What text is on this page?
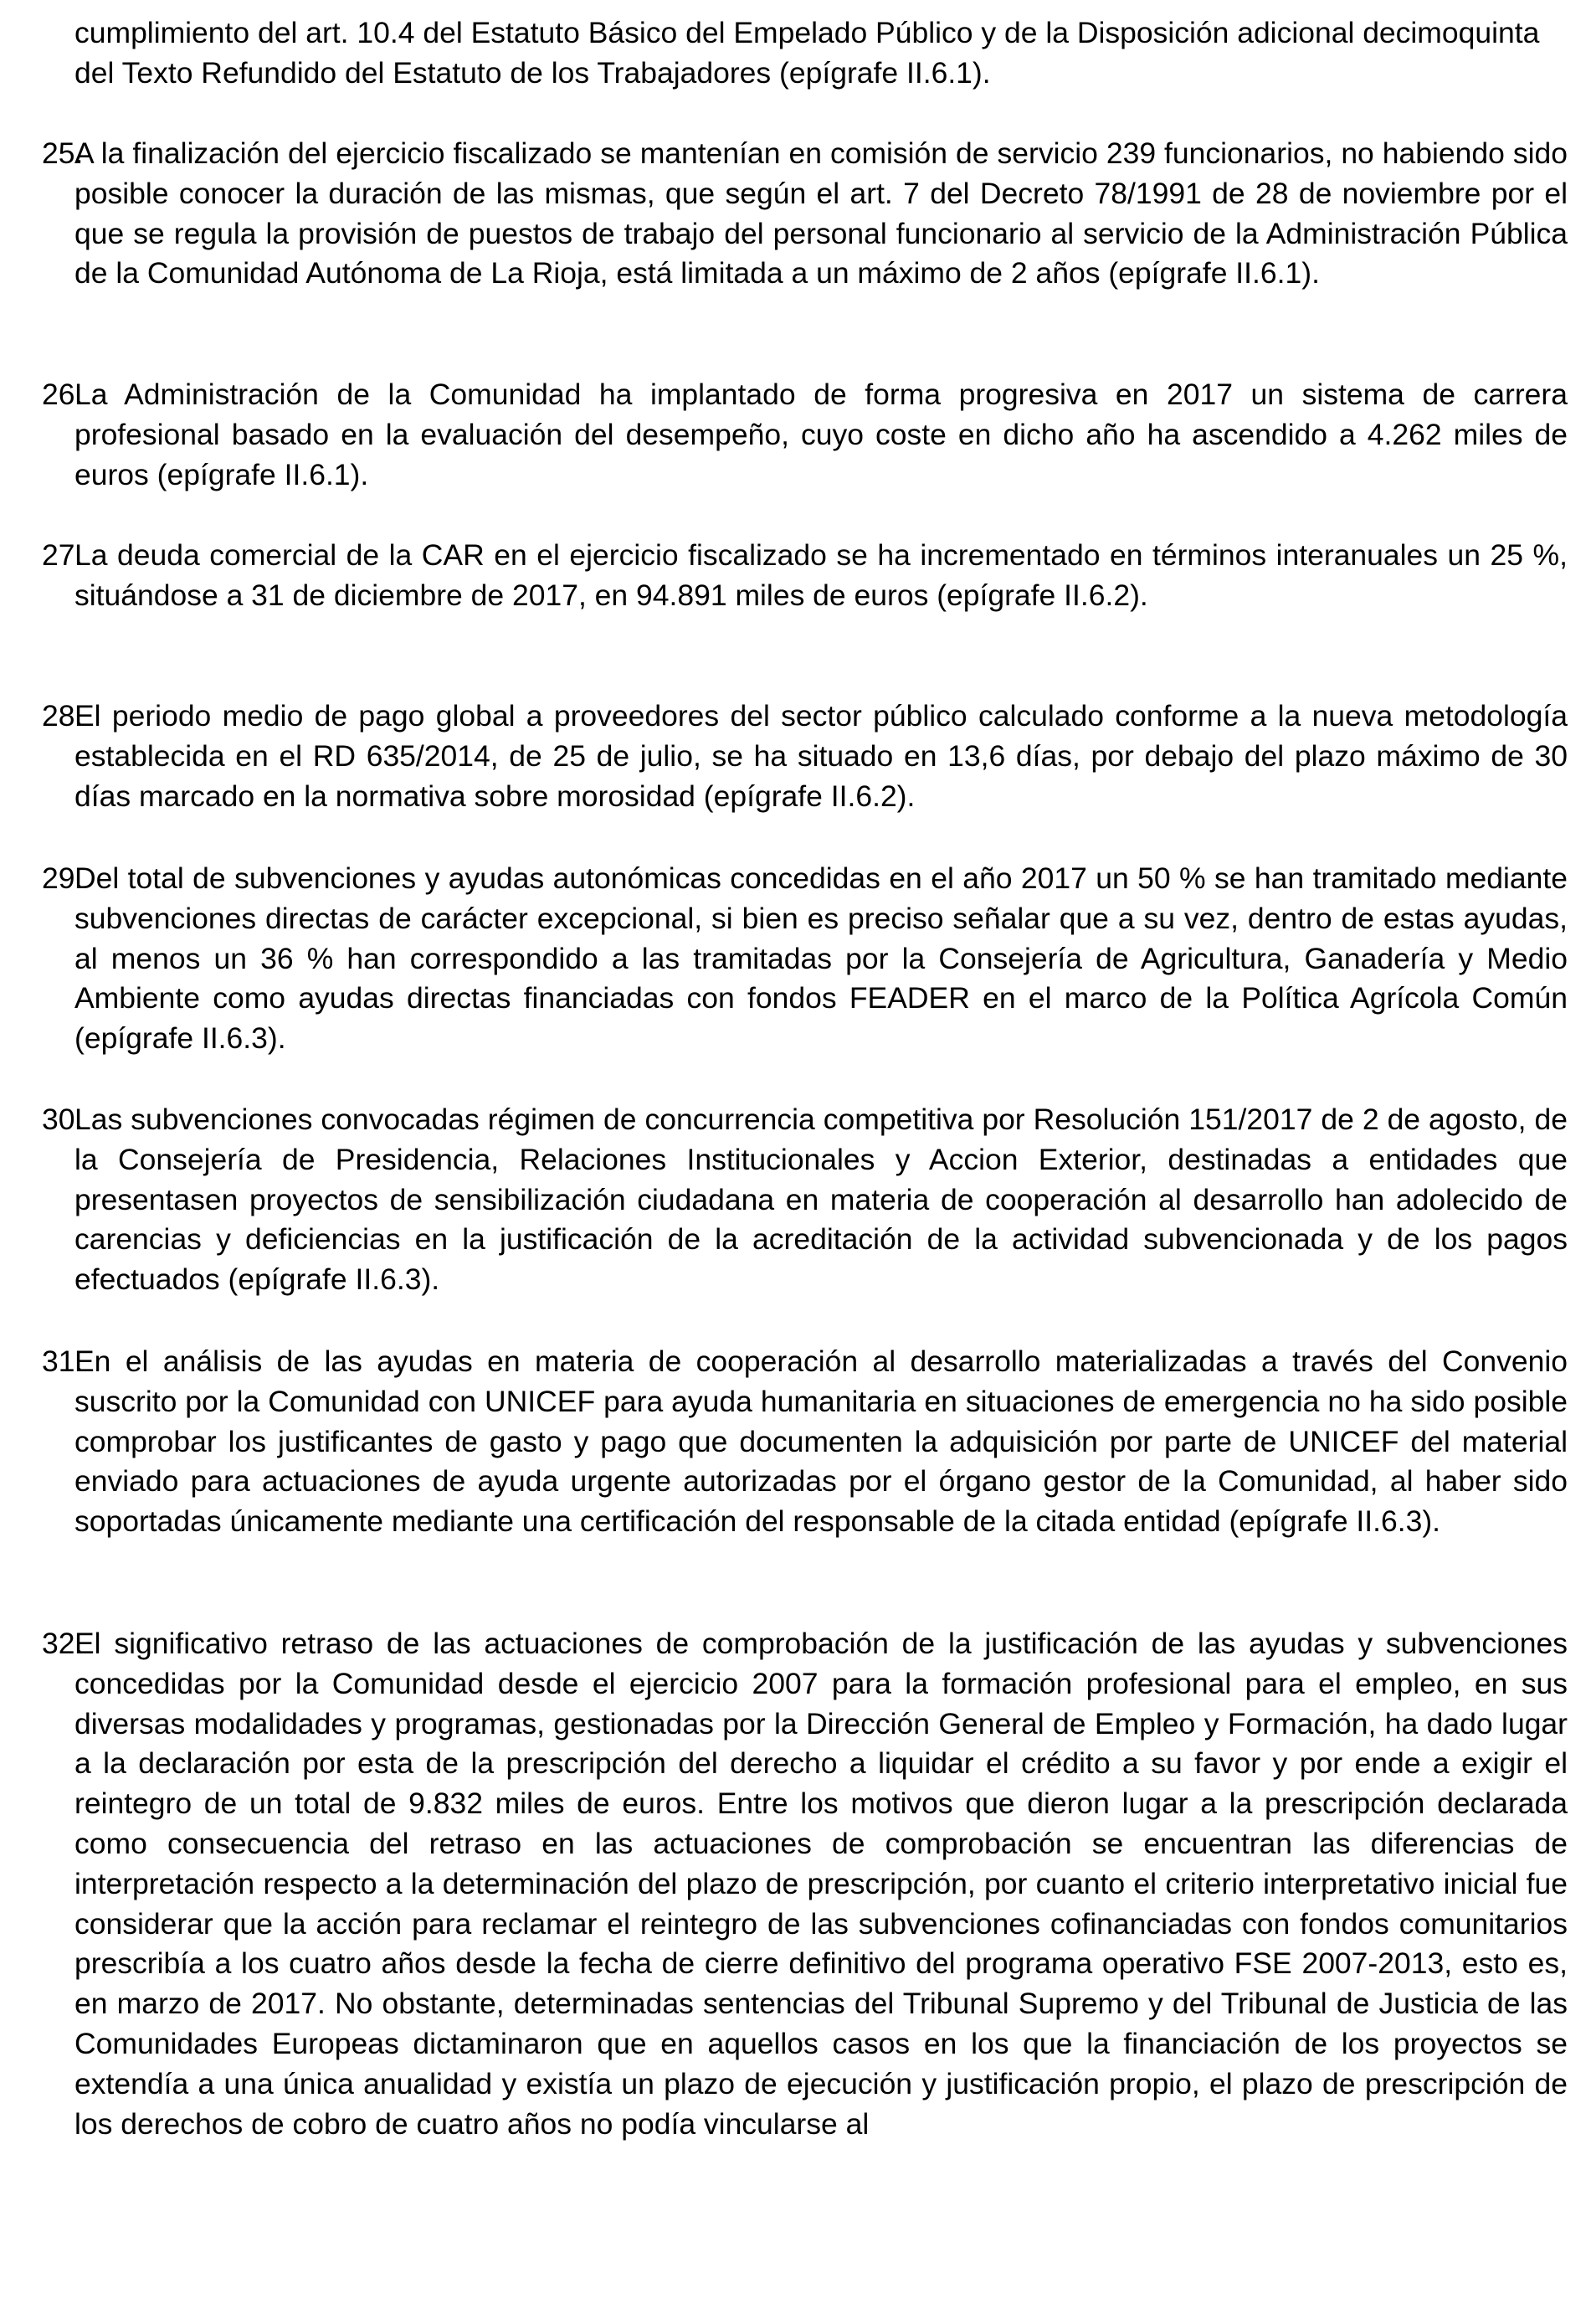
cumplimiento del art. 10.4 del Estatuto Básico del Empelado Público y de la Disposición adicional decimoquinta del Texto Refundido del Estatuto de los Trabajadores (epígrafe II.6.1).

25.

A la finalización del ejercicio fiscalizado se mantenían en comisión de servicio 239 funcionarios, no habiendo sido posible conocer la duración de las mismas, que según el art. 7 del Decreto 78/1991 de 28 de noviembre por el que se regula la provisión de puestos de trabajo del personal funcionario al servicio de la Administración Pública de la Comunidad Autónoma de La Rioja, está limitada a un máximo de 2 años (epígrafe II.6.1).

26.

La Administración de la Comunidad ha implantado de forma progresiva en 2017 un sistema de carrera profesional basado en la evaluación del desempeño, cuyo coste en dicho año ha ascendido a 4.262 miles de euros (epígrafe II.6.1).

27.

La deuda comercial de la CAR en el ejercicio fiscalizado se ha incrementado en términos interanuales un 25 %, situándose a 31 de diciembre de 2017, en 94.891 miles de euros (epígrafe II.6.2).

28.

El periodo medio de pago global a proveedores del sector público calculado conforme a la nueva metodología establecida en el RD 635/2014, de 25 de julio, se ha situado en 13,6 días, por debajo del plazo máximo de 30 días marcado en la normativa sobre morosidad (epígrafe II.6.2).

29.

Del total de subvenciones y ayudas autonómicas concedidas en el año 2017 un 50 % se han tramitado mediante subvenciones directas de carácter excepcional, si bien es preciso señalar que a su vez, dentro de estas ayudas, al menos un 36 % han correspondido a las tramitadas por la Consejería de Agricultura, Ganadería y Medio Ambiente como ayudas directas financiadas con fondos FEADER en el marco de la Política Agrícola Común (epígrafe II.6.3).

30.

Las subvenciones convocadas régimen de concurrencia competitiva por Resolución 151/2017 de 2 de agosto, de la Consejería de Presidencia, Relaciones Institucionales y Accion Exterior, destinadas a entidades que presentasen proyectos de sensibilización ciudadana en materia de cooperación al desarrollo han adolecido de carencias y deficiencias en la justificación de la acreditación de la actividad subvencionada y de los pagos efectuados (epígrafe II.6.3).

31.

En el análisis de las ayudas en materia de cooperación al desarrollo materializadas a través del Convenio suscrito por la Comunidad con UNICEF para ayuda humanitaria en situaciones de emergencia no ha sido posible comprobar los justificantes de gasto y pago que documenten la adquisición por parte de UNICEF del material enviado para actuaciones de ayuda urgente autorizadas por el órgano gestor de la Comunidad, al haber sido soportadas únicamente mediante una certificación del responsable de la citada entidad (epígrafe II.6.3).

32.

El significativo retraso de las actuaciones de comprobación de la justificación de las ayudas y subvenciones concedidas por la Comunidad desde el ejercicio 2007 para la formación profesional para el empleo, en sus diversas modalidades y programas, gestionadas por la Dirección General de Empleo y Formación, ha dado lugar a la declaración por esta de la prescripción del derecho a liquidar el crédito a su favor y por ende a exigir el reintegro de un total de 9.832 miles de euros. Entre los motivos que dieron lugar a la prescripción declarada como consecuencia del retraso en las actuaciones de comprobación se encuentran las diferencias de interpretación respecto a la determinación del plazo de prescripción, por cuanto el criterio interpretativo inicial fue considerar que la acción para reclamar el reintegro de las subvenciones cofinanciadas con fondos comunitarios prescribía a los cuatro años desde la fecha de cierre definitivo del programa operativo FSE 2007-2013, esto es, en marzo de 2017. No obstante, determinadas sentencias del Tribunal Supremo y del Tribunal de Justicia de las Comunidades Europeas dictaminaron que en aquellos casos en los que la financiación de los proyectos se extendía a una única anualidad y existía un plazo de ejecución y justificación propio, el plazo de prescripción de los derechos de cobro de cuatro años no podía vincularse al
